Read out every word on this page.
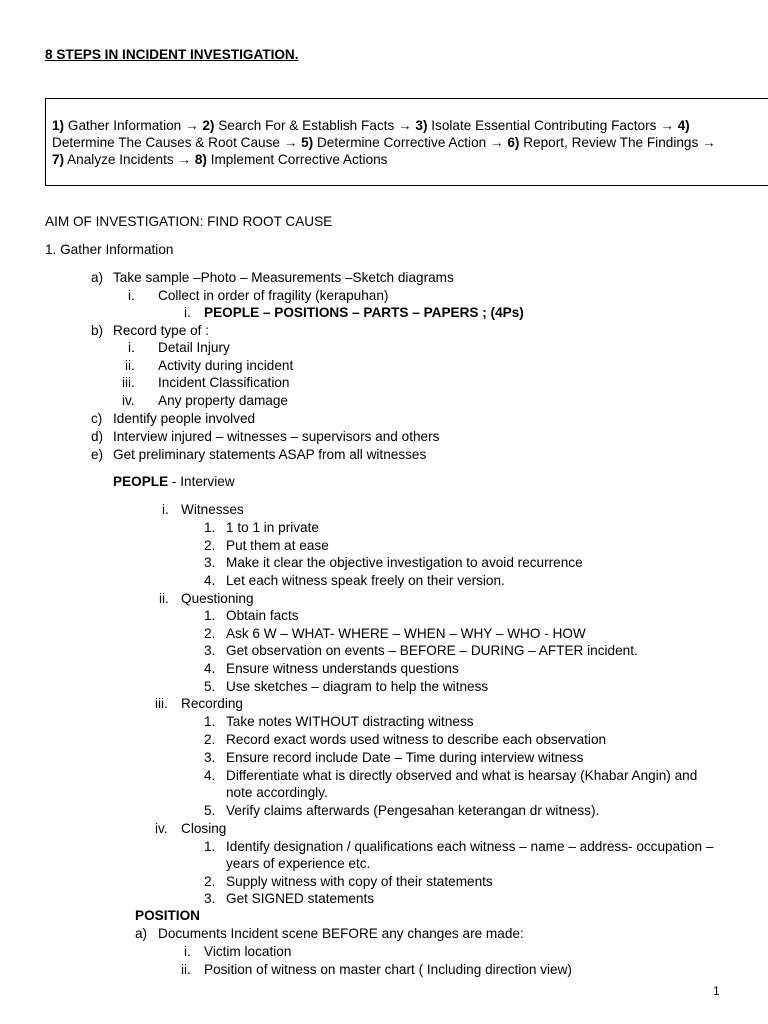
8 STEPS IN INCIDENT INVESTIGATION.
1) Gather Information → 2) Search For & Establish Facts → 3) Isolate Essential Contributing Factors → 4) Determine The Causes & Root Cause → 5) Determine Corrective Action → 6) Report, Review The Findings → 7) Analyze Incidents → 8) Implement Corrective Actions
AIM OF INVESTIGATION: FIND ROOT CAUSE
1. Gather Information
a) Take sample –Photo – Measurements –Sketch diagrams
i. Collect in order of fragility (kerapuhan)
i. PEOPLE – POSITIONS – PARTS – PAPERS ; (4Ps)
b) Record type of :
i. Detail Injury
ii. Activity during incident
iii. Incident Classification
iv. Any property damage
c) Identify people involved
d) Interview injured – witnesses – supervisors and others
e) Get preliminary statements ASAP from all witnesses
PEOPLE - Interview
i. Witnesses
1. 1 to 1 in private
2. Put them at ease
3. Make it clear the objective investigation to avoid recurrence
4. Let each witness speak freely on their version.
ii. Questioning
1. Obtain facts
2. Ask 6 W – WHAT- WHERE – WHEN – WHY – WHO - HOW
3. Get observation on events – BEFORE – DURING – AFTER incident.
4. Ensure witness understands questions
5. Use sketches – diagram to help the witness
iii. Recording
1. Take notes WITHOUT distracting witness
2. Record exact words used witness to describe each observation
3. Ensure record include Date – Time during interview witness
4. Differentiate what is directly observed and what is hearsay (Khabar Angin) and
note accordingly.
5. Verify claims afterwards (Pengesahan keterangan dr witness).
iv. Closing
1. Identify designation / qualifications each witness – name – address- occupation –
years of experience etc.
2. Supply witness with copy of their statements
3. Get SIGNED statements
POSITION
a) Documents Incident scene BEFORE any changes are made:
i. Victim location
ii. Position of witness on master chart ( Including direction view)
1
